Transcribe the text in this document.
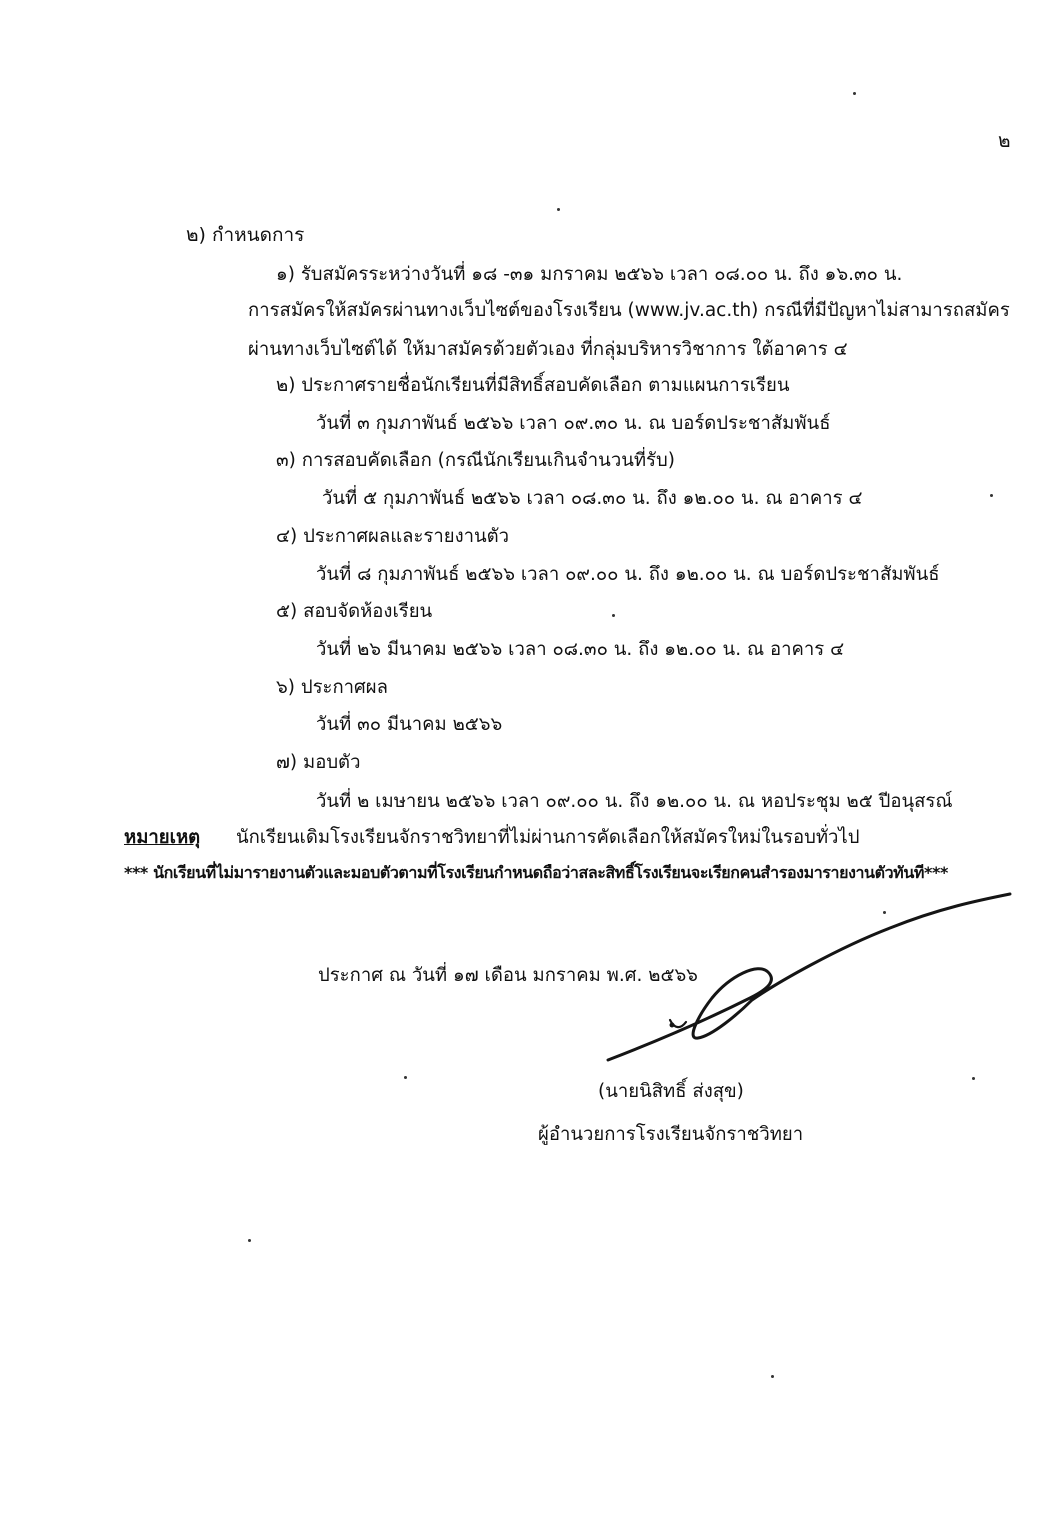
๒
๒) กำหนดการ
๑) รับสมัครระหว่างวันที่ ๑๘ -๓๑ มกราคม ๒๕๖๖ เวลา ๐๘.๐๐ น. ถึง ๑๖.๓๐ น.
การสมัครให้สมัครผ่านทางเว็บไซต์ของโรงเรียน (www.jv.ac.th) กรณีที่มีปัญหาไม่สามารถสมัคร
ผ่านทางเว็บไซต์ได้ ให้มาสมัครด้วยตัวเอง ที่กลุ่มบริหารวิชาการ ใต้อาคาร ๔
๒) ประกาศรายชื่อนักเรียนที่มีสิทธิ์สอบคัดเลือก ตามแผนการเรียน
วันที่ ๓ กุมภาพันธ์ ๒๕๖๖ เวลา ๐๙.๓๐ น. ณ บอร์ดประชาสัมพันธ์
๓) การสอบคัดเลือก (กรณีนักเรียนเกินจำนวนที่รับ)
วันที่ ๕ กุมภาพันธ์ ๒๕๖๖ เวลา ๐๘.๓๐ น. ถึง ๑๒.๐๐ น. ณ อาคาร ๔
๔) ประกาศผลและรายงานตัว
วันที่ ๘ กุมภาพันธ์ ๒๕๖๖ เวลา ๐๙.๐๐ น. ถึง ๑๒.๐๐ น. ณ บอร์ดประชาสัมพันธ์
๕) สอบจัดห้องเรียน
วันที่ ๒๖ มีนาคม ๒๕๖๖ เวลา ๐๘.๓๐ น. ถึง ๑๒.๐๐ น. ณ อาคาร ๔
๖) ประกาศผล
วันที่ ๓๐ มีนาคม ๒๕๖๖
๗) มอบตัว
วันที่ ๒ เมษายน ๒๕๖๖ เวลา ๐๙.๐๐ น. ถึง ๑๒.๐๐ น. ณ หอประชุม ๒๕ ปีอนุสรณ์
หมายเหตุ นักเรียนเดิมโรงเรียนจักราชวิทยาที่ไม่ผ่านการคัดเลือกให้สมัครใหม่ในรอบทั่วไป
*** นักเรียนที่ไม่มารายงานตัวและมอบตัวตามที่โรงเรียนกำหนดถือว่าสละสิทธิ์โรงเรียนจะเรียกคนสำรองมารายงานตัวทันที***
ประกาศ ณ วันที่ ๑๗ เดือน มกราคม พ.ศ. ๒๕๖๖
(นายนิสิทธิ์ ส่งสุข)
ผู้อำนวยการโรงเรียนจักราชวิทยา
